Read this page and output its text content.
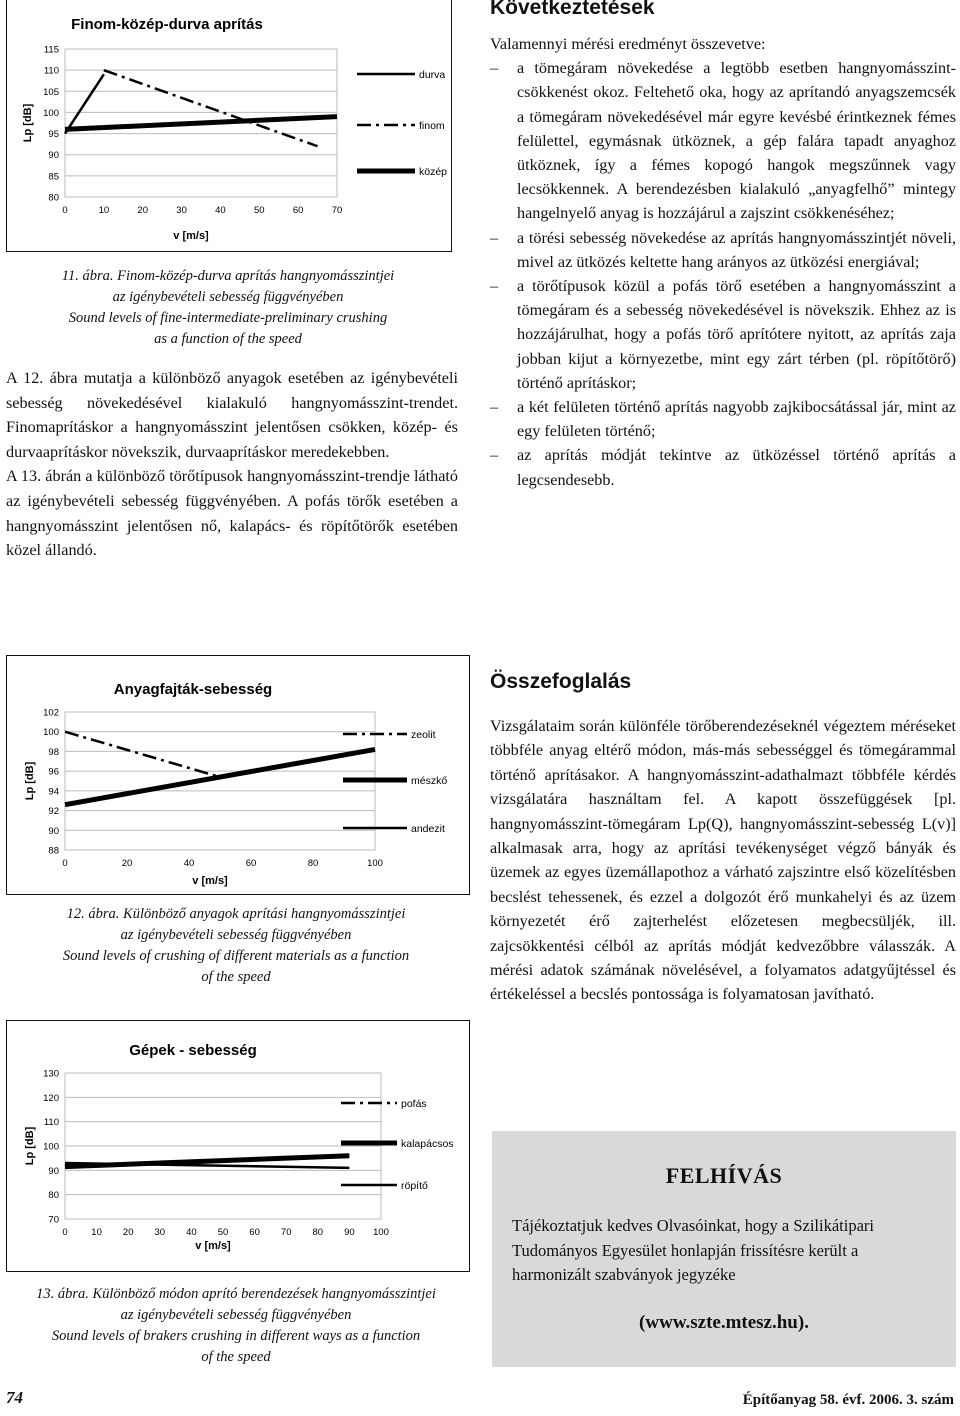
Finom-közép-durva aprítás
80
85
90
95
100
105
110
115
0	10	20	30	40	50	60	70
v [m/s]
Lp [dB]
durva
finom
közép
11. ábra. Finom-közép-durva aprítás hangnyomásszintjei
az igénybevételi sebesség függvényében
Sound levels of fine-intermediate-preliminary crushing
as a function of the speed

A 12. ábra mutatja a különböző anyagok esetében az igénybevételi sebesség növekedésével kialakuló hangnyomásszint-trendet. Finomaprításkor a hangnyomásszint jelentősen csökken, közép- és durvaaprításkor növekszik, durvaaprításkor meredekebben.

A 13. ábrán a különböző törőtípusok hangnyomásszint-trendje látható az igénybevételi sebesség függvényében. A pofás törők esetében a hangnyomásszint jelentősen nő, kalapács- és röpítőtörők esetében közel állandó.

Anyagfajták-sebesség
88
90
92
94
96
98
100
102
0	20	40	60	80	100
v [m/s]
Lp [dB]
zeolit
mészkő
andezit
12. ábra. Különböző anyagok aprítási hangnyomásszintjei
az igénybevételi sebesség függvényében
Sound levels of crushing of different materials as a function
of the speed
Gépek - sebesség
70
80
90
100
110
120
130
0 10 20 30 40 50 60 70 80 90 100
v [m/s]
Lp [dB]
pofás
kalapácsos
röpítő
13. ábra. Különböző módon aprító berendezések hangnyomásszintjei
az igénybevételi sebesség függvényében
Sound levels of brakers crushing in different ways as a function
of the speed
Következtetések
Valamennyi mérési eredményt összevetve:
–	a tömegáram növekedése a legtöbb esetben hangnyomásszint-csökkenést okoz. Feltehető oka, hogy az aprítandó anyagszemcsék a tömegáram növekedésével már egyre kevésbé érintkeznek fémes felülettel, egymásnak ütköznek, a gép falára tapadt anyaghoz ütköznek, így a fémes kopogó hangok megszűnnek vagy lecsökkennek. A berendezésben kialakuló „anyagfelhő” mintegy hangelnyelő anyag is hozzájárul a zajszint csökkenéséhez;
–	a törési sebesség növekedése az aprítás hangnyomásszintjét növeli, mivel az ütközés keltette hang arányos az ütközési energiával;
–	a törőtípusok közül a pofás törő esetében a hangnyomásszint a tömegáram és a sebesség növekedésével is növekszik. Ehhez az is hozzájárulhat, hogy a pofás törő aprítótere nyitott, az aprítás zaja jobban kijut a környezetbe, mint egy zárt térben (pl. röpítőtörő) történő aprításkor;
–	a két felületen történő aprítás nagyobb zajkibocsátással jár, mint az egy felületen történő;
–	az aprítás módját tekintve az ütközéssel történő aprítás a legcsendesebb.
Összefoglalás

Vizsgálataim során különféle törőberendezéseknél végeztem méréseket többféle anyag eltérő módon, más-más sebességgel és tömegárammal történő aprításakor. A hangnyomásszint-adathalmazt többféle kérdés vizsgálatára használtam fel. A kapott összefüggések [pl. hangnyomásszint-tömegáram Lp(Q), hangnyomásszint-sebesség L(v)] alkalmasak arra, hogy az aprítási tevékenységet végző bányák és üzemek az egyes üzemállapothoz a várható zajszintre első közelítésben becslést tehessenek, és ezzel a dolgozót érő munkahelyi és az üzem környezetét érő zajterhelést előzetesen megbecsüljék, ill. zajcsökkentési célból az aprítás módját kedvezőbbre válasszák. A mérési adatok számának növelésével, a folyamatos adatgyűjtéssel és értékeléssel a becslés pontossága is folyamatosan javítható.

FELHÍVÁS
Tájékoztatjuk kedves Olvasóinkat, hogy a Szilikátipari Tudományos Egyesület honlapján frissítésre került a harmonizált szabványok jegyzéke
(www.szte.mtesz.hu).
74	Építőanyag 58. évf. 2006. 3. szám
